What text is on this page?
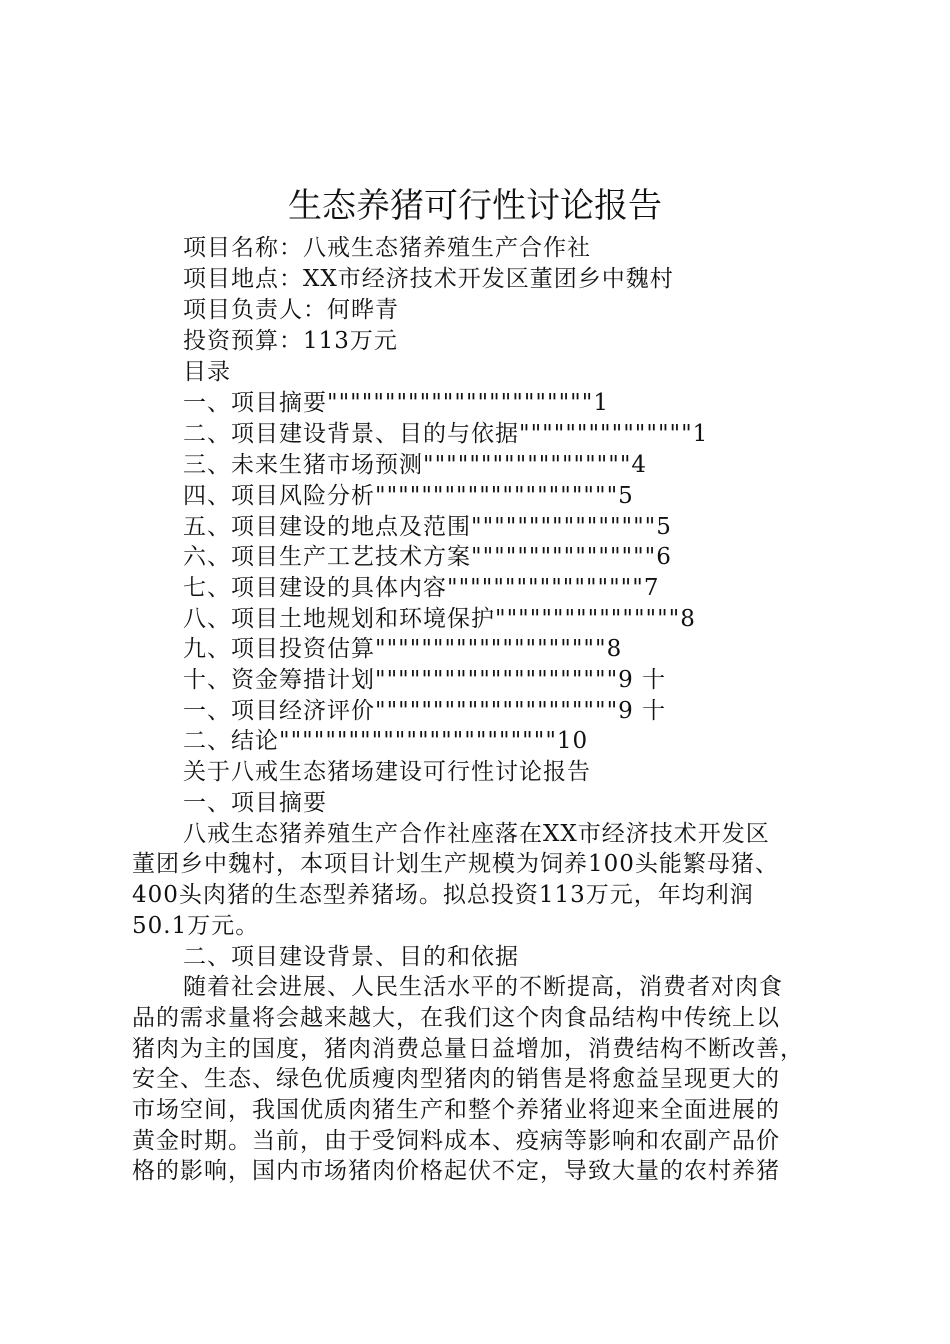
生态养猪可行性讨论报告
项目名称：八戒生态猪养殖生产合作社
项目地点：XX市经济技术开发区董团乡中魏村
项目负责人：何晔青
投资预算：113万元
目录
一、项目摘要"""""""""""""""""""""""1
二、项目建设背景、目的与依据"""""""""""""""1
三、未来生猪市场预测""""""""""""""""""4
四、项目风险分析"""""""""""""""""""""5
五、项目建设的地点及范围""""""""""""""""5
六、项目生产工艺技术方案""""""""""""""""6
七、项目建设的具体内容"""""""""""""""""7
八、项目土地规划和环境保护""""""""""""""""8
九、项目投资估算""""""""""""""""""""8
十、资金筹措计划"""""""""""""""""""""9 十
一、项目经济评价"""""""""""""""""""""9 十
二、结论""""""""""""""""""""""""10
关于八戒生态猪场建设可行性讨论报告
一、项目摘要
八戒生态猪养殖生产合作社座落在XX市经济技术开发区
董团乡中魏村，本项目计划生产规模为饲养100头能繁母猪、
400头肉猪的生态型养猪场。拟总投资113万元，年均利润
50.1万元。
二、项目建设背景、目的和依据
随着社会进展、人民生活水平的不断提高，消费者对肉食
品的需求量将会越来越大，在我们这个肉食品结构中传统上以
猪肉为主的国度，猪肉消费总量日益增加，消费结构不断改善，
安全、生态、绿色优质瘦肉型猪肉的销售是将愈益呈现更大的
市场空间，我国优质肉猪生产和整个养猪业将迎来全面进展的
黄金时期。当前，由于受饲料成本、疫病等影响和农副产品价
格的影响，国内市场猪肉价格起伏不定，导致大量的农村养猪
